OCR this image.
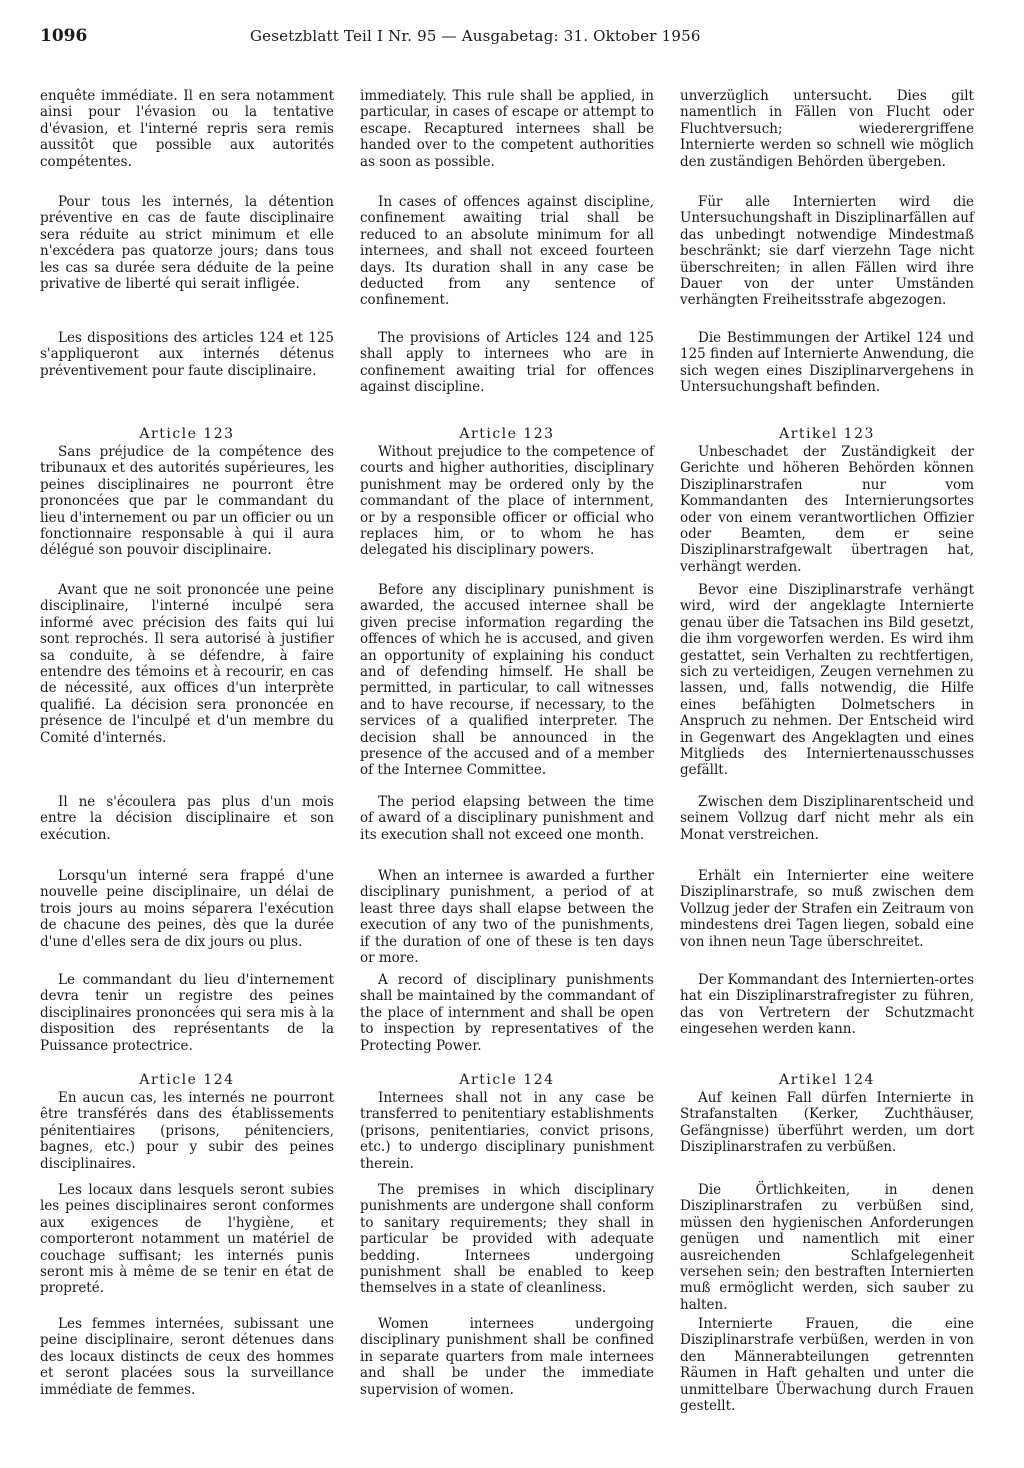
1096	Gesetzblatt Teil I Nr. 95 — Ausgabetag: 31. Oktober 1956

enquête immédiate. Il en sera notamment ainsi pour l'évasion ou la tentative d'évasion, et l'interné repris sera remis aussitôt que possible aux autorités compétentes.

Pour tous les internés, la détention préventive en cas de faute disciplinaire sera réduite au strict minimum et elle n'excédera pas quatorze jours; dans tous les cas sa durée sera déduite de la peine privative de liberté qui serait infligée.

Les dispositions des articles 124 et 125 s'appliqueront aux internés détenus préventivement pour faute disciplinaire.

Article 123

Sans préjudice de la compétence des tribunaux et des autorités supérieures, les peines disciplinaires ne pourront être prononcées que par le commandant du lieu d'internement ou par un officier ou un fonctionnaire responsable à qui il aura délégué son pouvoir disciplinaire.

Avant que ne soit prononcée une peine disciplinaire, l'interné inculpé sera informé avec précision des faits qui lui sont reprochés. Il sera autorisé à justifier sa conduite, à se défendre, à faire entendre des témoins et à recourir, en cas de nécessité, aux offices d'un interprète qualifié. La décision sera prononcée en présence de l'inculpé et d'un membre du Comité d'internés.

Il ne s'écoulera pas plus d'un mois entre la décision disciplinaire et son exécution.

Lorsqu'un interné sera frappé d'une nouvelle peine disciplinaire, un délai de trois jours au moins séparera l'exécution de chacune des peines, dès que la durée d'une d'elles sera de dix jours ou plus.

Le commandant du lieu d'internement devra tenir un registre des peines disciplinaires prononcées qui sera mis à la disposition des représentants de la Puissance protectrice.

Article 124

En aucun cas, les internés ne pourront être transférés dans des établissements pénitentiaires (prisons, pénitenciers, bagnes, etc.) pour y subir des peines disciplinaires.

Les locaux dans lesquels seront subies les peines disciplinaires seront conformes aux exigences de l'hygiène, et comporteront notamment un matériel de couchage suffisant; les internés punis seront mis à même de se tenir en état de propreté.

Les femmes internées, subissant une peine disciplinaire, seront détenues dans des locaux distincts de ceux des hommes et seront placées sous la surveillance immédiate de femmes.

immediately. This rule shall be applied, in particular, in cases of escape or attempt to escape. Recaptured internees shall be handed over to the competent authorities as soon as possible.

In cases of offences against discipline, confinement awaiting trial shall be reduced to an absolute minimum for all internees, and shall not exceed fourteen days. Its duration shall in any case be deducted from any sentence of confinement.

The provisions of Articles 124 and 125 shall apply to internees who are in confinement awaiting trial for offences against discipline.

Article 123

Without prejudice to the competence of courts and higher authorities, disciplinary punishment may be ordered only by the commandant of the place of internment, or by a responsible officer or official who replaces him, or to whom he has delegated his disciplinary powers.

Before any disciplinary punishment is awarded, the accused internee shall be given precise information regarding the offences of which he is accused, and given an opportunity of explaining his conduct and of defending himself. He shall be permitted, in particular, to call witnesses and to have recourse, if necessary, to the services of a qualified interpreter. The decision shall be announced in the presence of the accused and of a member of the Internee Committee.

The period elapsing between the time of award of a disciplinary punishment and its execution shall not exceed one month.

When an internee is awarded a further disciplinary punishment, a period of at least three days shall elapse between the execution of any two of the punishments, if the duration of one of these is ten days or more.

A record of disciplinary punishments shall be maintained by the commandant of the place of internment and shall be open to inspection by representatives of the Protecting Power.

Article 124

Internees shall not in any case be transferred to penitentiary establishments (prisons, penitentiaries, convict prisons, etc.) to undergo disciplinary punishment therein.

The premises in which disciplinary punishments are undergone shall conform to sanitary requirements; they shall in particular be provided with adequate bedding. Internees undergoing punishment shall be enabled to keep themselves in a state of cleanliness.

Women internees undergoing disciplinary punishment shall be confined in separate quarters from male internees and shall be under the immediate supervision of women.

unverzüglich untersucht. Dies gilt namentlich in Fällen von Flucht oder Fluchtversuch; wiederergriffene Internierte werden so schnell wie möglich den zuständigen Behörden übergeben.

Für alle Internierten wird die Untersuchungshaft in Disziplinarfällen auf das unbedingt notwendige Mindestmaß beschränkt; sie darf vierzehn Tage nicht überschreiten; in allen Fällen wird ihre Dauer von der unter Umständen verhängten Freiheitsstrafe abgezogen.

Die Bestimmungen der Artikel 124 und 125 finden auf Internierte Anwendung, die sich wegen eines Disziplinarvergehens in Untersuchungshaft befinden.

Artikel 123

Unbeschadet der Zuständigkeit der Gerichte und höheren Behörden können Disziplinarstrafen nur vom Kommandanten des Internierungsortes oder von einem verantwortlichen Offizier oder Beamten, dem er seine Disziplinarstrafgewalt übertragen hat, verhängt werden.

Bevor eine Disziplinarstrafe verhängt wird, wird der angeklagte Internierte genau über die Tatsachen ins Bild gesetzt, die ihm vorgeworfen werden. Es wird ihm gestattet, sein Verhalten zu rechtfertigen, sich zu verteidigen, Zeugen vernehmen zu lassen, und, falls notwendig, die Hilfe eines befähigten Dolmetschers in Anspruch zu nehmen. Der Entscheid wird in Gegenwart des Angeklagten und eines Mitglieds des Interniertenausschusses gefällt.

Zwischen dem Disziplinarentscheid und seinem Vollzug darf nicht mehr als ein Monat verstreichen.

Erhält ein Internierter eine weitere Disziplinarstrafe, so muß zwischen dem Vollzug jeder der Strafen ein Zeitraum von mindestens drei Tagen liegen, sobald eine von ihnen neun Tage überschreitet.

Der Kommandant des Internierten-ortes hat ein Disziplinarstrafregister zu führen, das von Vertretern der Schutzmacht eingesehen werden kann.

Artikel 124

Auf keinen Fall dürfen Internierte in Strafanstalten (Kerker, Zuchthäuser, Gefängnisse) überführt werden, um dort Disziplinarstrafen zu verbüßen.

Die Örtlichkeiten, in denen Disziplinarstrafen zu verbüßen sind, müssen den hygienischen Anforderungen genügen und namentlich mit einer ausreichenden Schlafgelegenheit versehen sein; den bestraften Internierten muß ermöglicht werden, sich sauber zu halten.

Internierte Frauen, die eine Disziplinarstrafe verbüßen, werden in von den Männerabteilungen getrennten Räumen in Haft gehalten und unter die unmittelbare Überwachung durch Frauen gestellt.
